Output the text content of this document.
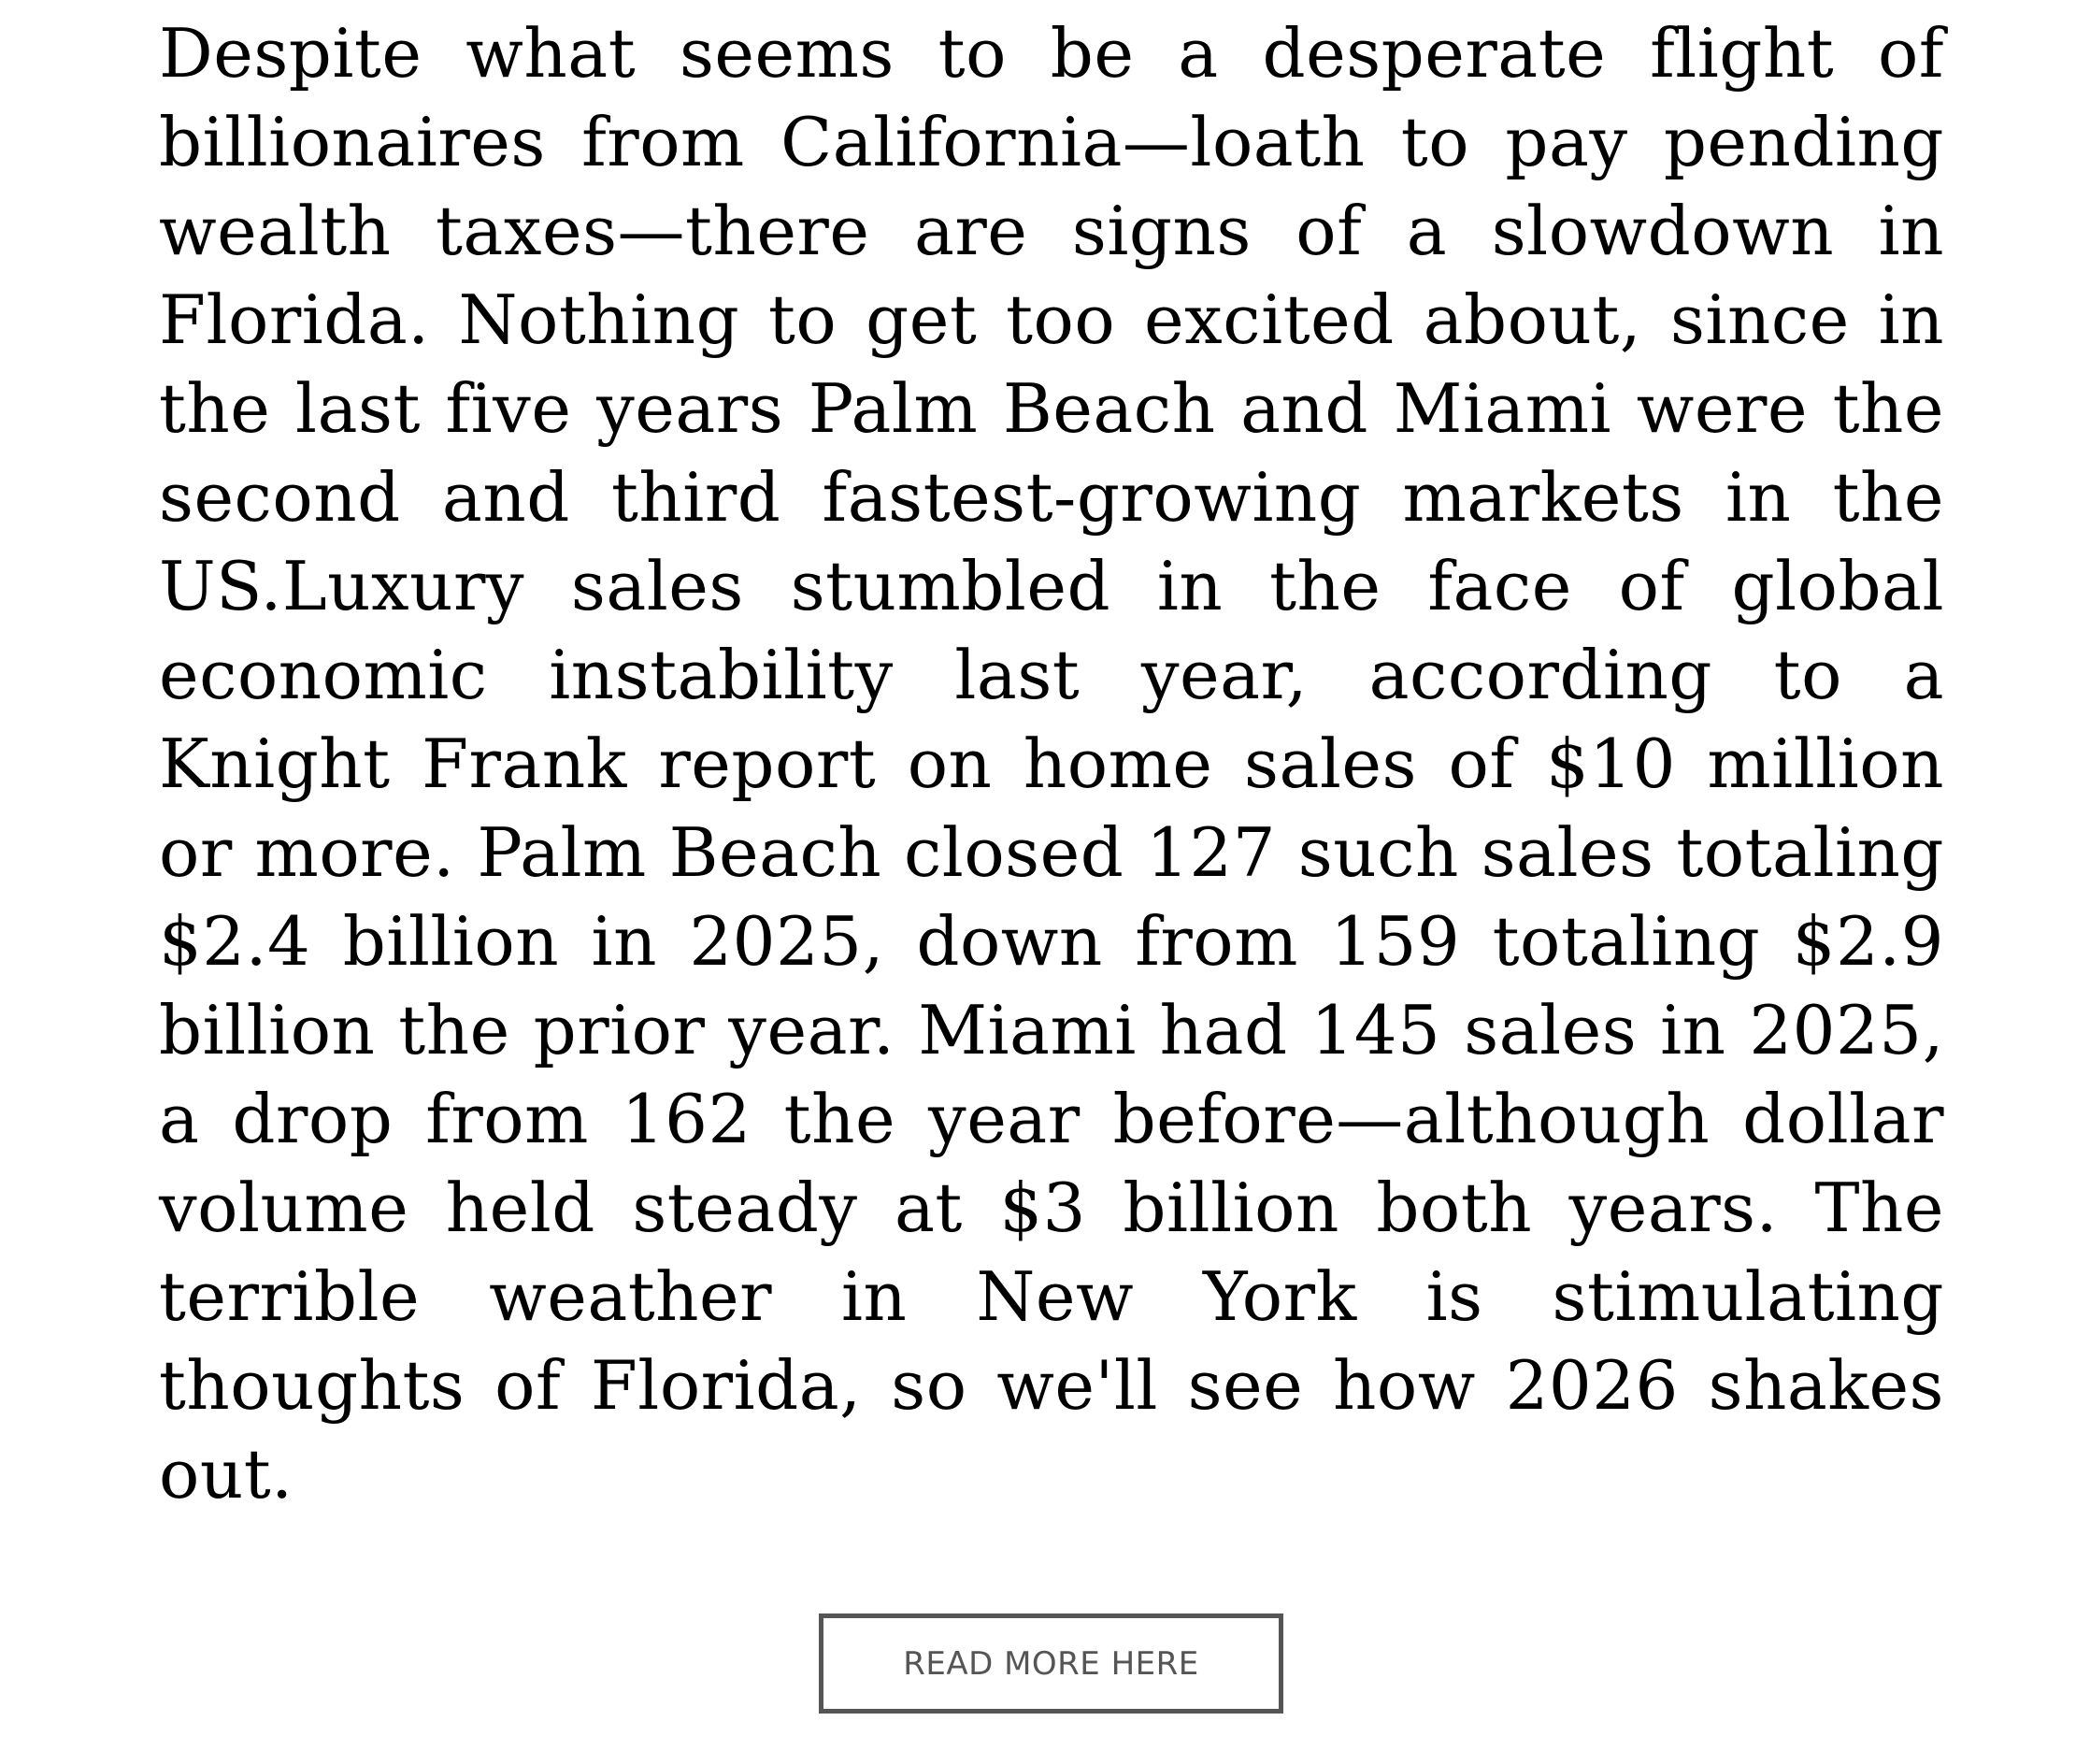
Despite what seems to be a desperate flight of billionaires from California—loath to pay pending wealth taxes—there are signs of a slowdown in Florida. Nothing to get too excited about, since in the last five years Palm Beach and Miami were the second and third fastest-growing markets in the US.Luxury sales stumbled in the face of global economic instability last year, according to a Knight Frank report on home sales of $10 million or more. Palm Beach closed 127 such sales totaling $2.4 billion in 2025, down from 159 totaling $2.9 billion the prior year. Miami had 145 sales in 2025, a drop from 162 the year before—although dollar volume held steady at $3 billion both years. The terrible weather in New York is stimulating thoughts of Florida, so we'll see how 2026 shakes out.

READ MORE HERE
